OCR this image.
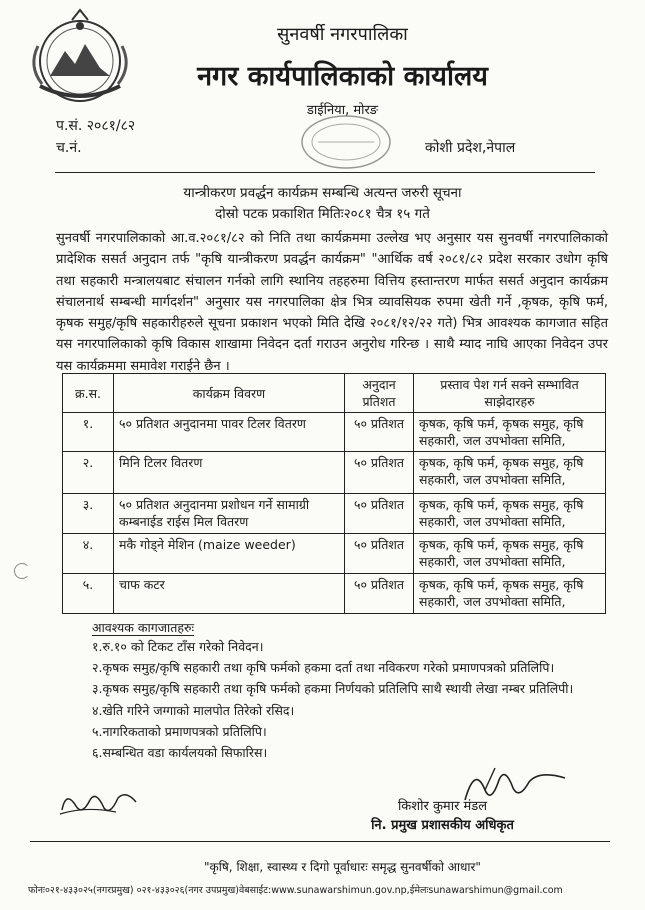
सुनवर्षी नगरपालिका
नगर कार्यपालिकाको कार्यालय
डाईनिया, मोरङ
प.सं. २०८१/८२
च.नं.	कोशी प्रदेश,नेपाल
यान्त्रीकरण प्रवर्द्धन कार्यक्रम सम्बन्धि अत्यन्त जरुरी सूचना
दोस्रो पटक प्रकाशित मितिः२०८१ चैत्र १५ गते
सुनवर्षी नगरपालिकाको आ.व.२०८१/८२ को निति तथा कार्यक्रममा उल्लेख भए अनुसार यस सुनवर्षी नगरपालिकाको प्रादेशिक ससर्त अनुदान तर्फ "कृषि यान्त्रीकरण प्रवर्द्धन कार्यक्रम" "आर्थिक वर्ष २०८१/८२ प्रदेश सरकार उधोग कृषि तथा सहकारी मन्त्रालयबाट संचालन गर्नको लागि स्थानिय तहहरुमा वित्तिय हस्तान्तरण मार्फत ससर्त अनुदान कार्यक्रम संचालनार्थ सम्बन्धी मार्गदर्शन" अनुसार यस नगरपालिका क्षेत्र भित्र व्यावसियक रुपमा खेती गर्ने ,कृषक, कृषि फर्म, कृषक समुह/कृषि सहकारीहरुले सूचना प्रकाशन भएको मिति देखि २०८१/१२/२२ गते) भित्र आवश्यक कागजात सहित यस नगरपालिकाको कृषि विकास शाखामा निवेदन दर्ता गराउन अनुरोध गरिन्छ । साथै म्याद नाघि आएका निवेदन उपर यस कार्यक्रममा समावेश गराईने छैन ।
क्र.स.	कार्यक्रम विवरण	अनुदान प्रतिशत	प्रस्ताव पेश गर्न सक्ने सम्भावित साझेदारहरु
१.	५० प्रतिशत अनुदानमा पावर टिलर वितरण	५० प्रतिशत	कृषक, कृषि फर्म, कृषक समुह, कृषि सहकारी, जल उपभोक्ता समिति,
२.	मिनि टिलर वितरण	५० प्रतिशत	कृषक, कृषि फर्म, कृषक समुह, कृषि सहकारी, जल उपभोक्ता समिति,
३.	५० प्रतिशत अनुदानमा प्रशोधन गर्ने सामाग्री कम्बनाईड राईस मिल वितरण	५० प्रतिशत	कृषक, कृषि फर्म, कृषक समुह, कृषि सहकारी, जल उपभोक्ता समिति,
४.	मकै गोड्ने मेशिन (maize weeder)	५० प्रतिशत	कृषक, कृषि फर्म, कृषक समुह, कृषि सहकारी, जल उपभोक्ता समिति,
५.	चाफ कटर	५० प्रतिशत	कृषक, कृषि फर्म, कृषक समुह, कृषि सहकारी, जल उपभोक्ता समिति,
आवश्यक कागजातहरुः
१.रु.१० को टिकट टाँस गरेको निवेदन।
२.कृषक समुह/कृषि सहकारी तथा कृषि फर्मको हकमा दर्ता तथा नविकरण गरेको प्रमाणपत्रको प्रतिलिपि।
३.कृषक समुह/कृषि सहकारी तथा कृषि फर्मको हकमा निर्णयको प्रतिलिपि साथै स्थायी लेखा नम्बर प्रतिलिपी।
४.खेति गरिने जग्गाको मालपोत तिरेको रसिद।
५.नागरिकताको प्रमाणपत्रको प्रतिलिपि।
६.सम्बन्धित वडा कार्यलयको सिफारिस।
किशोर कुमार मंडल
नि. प्रमुख प्रशासकीय अधिकृत
"कृषि, शिक्षा, स्वास्थ्य र दिगो पूर्वाधारः समृद्ध सुनवर्षीको आधार"
फोनः०२१-४३३०२५(नगरप्रमुख) ०२१-४३३०२६(नगर उपप्रमुख)वेबसाईट:www.sunawarshimun.gov.np,ईमेलःsunawarshimun@gmail.com
